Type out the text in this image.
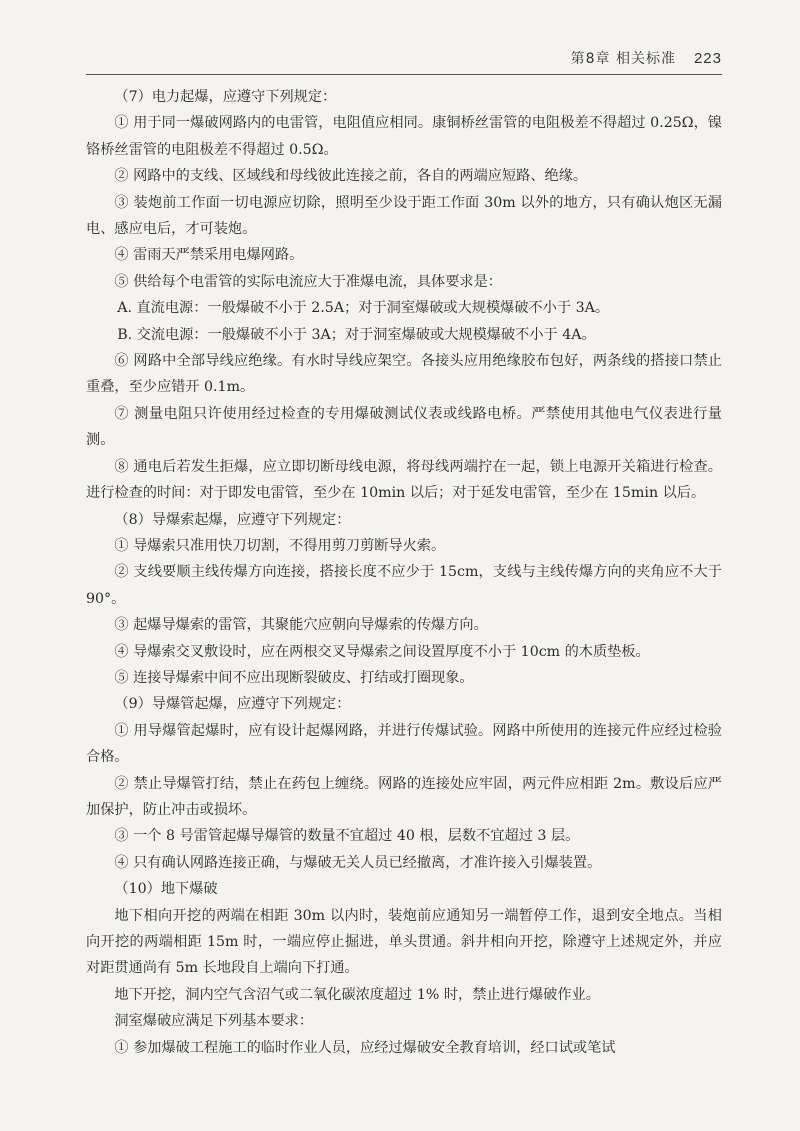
第8章 相关标准 223

（7）电力起爆，应遵守下列规定：

① 用于同一爆破网路内的电雷管，电阻值应相同。康铜桥丝雷管的电阻极差不得超过 0.25Ω，镍铬桥丝雷管的电阻极差不得超过 0.5Ω。

② 网路中的支线、区域线和母线彼此连接之前，各自的两端应短路、绝缘。

③ 装炮前工作面一切电源应切除，照明至少设于距工作面 30m 以外的地方，只有确认炮区无漏电、感应电后，才可装炮。

④ 雷雨天严禁采用电爆网路。

⑤ 供给每个电雷管的实际电流应大于准爆电流，具体要求是：

A. 直流电源：一般爆破不小于 2.5A；对于洞室爆破或大规模爆破不小于 3A。

B. 交流电源：一般爆破不小于 3A；对于洞室爆破或大规模爆破不小于 4A。

⑥ 网路中全部导线应绝缘。有水时导线应架空。各接头应用绝缘胶布包好，两条线的搭接口禁止重叠，至少应错开 0.1m。

⑦ 测量电阻只许使用经过检查的专用爆破测试仪表或线路电桥。严禁使用其他电气仪表进行量测。

⑧ 通电后若发生拒爆，应立即切断母线电源，将母线两端拧在一起，锁上电源开关箱进行检查。进行检查的时间：对于即发电雷管，至少在 10min 以后；对于延发电雷管，至少在 15min 以后。

（8）导爆索起爆，应遵守下列规定：

① 导爆索只准用快刀切割，不得用剪刀剪断导火索。

② 支线要顺主线传爆方向连接，搭接长度不应少于 15cm，支线与主线传爆方向的夹角应不大于 90°。

③ 起爆导爆索的雷管，其聚能穴应朝向导爆索的传爆方向。

④ 导爆索交叉敷设时，应在两根交叉导爆索之间设置厚度不小于 10cm 的木质垫板。

⑤ 连接导爆索中间不应出现断裂破皮、打结或打圈现象。

（9）导爆管起爆，应遵守下列规定：

① 用导爆管起爆时，应有设计起爆网路，并进行传爆试验。网路中所使用的连接元件应经过检验合格。

② 禁止导爆管打结，禁止在药包上缠绕。网路的连接处应牢固，两元件应相距 2m。敷设后应严加保护，防止冲击或损坏。

③ 一个 8 号雷管起爆导爆管的数量不宜超过 40 根，层数不宜超过 3 层。

④ 只有确认网路连接正确，与爆破无关人员已经撤离，才准许接入引爆装置。

（10）地下爆破

地下相向开挖的两端在相距 30m 以内时，装炮前应通知另一端暂停工作，退到安全地点。当相向开挖的两端相距 15m 时，一端应停止掘进，单头贯通。斜井相向开挖，除遵守上述规定外，并应对距贯通尚有 5m 长地段自上端向下打通。

地下开挖，洞内空气含沼气或二氧化碳浓度超过 1% 时，禁止进行爆破作业。

洞室爆破应满足下列基本要求：

① 参加爆破工程施工的临时作业人员，应经过爆破安全教育培训，经口试或笔试
